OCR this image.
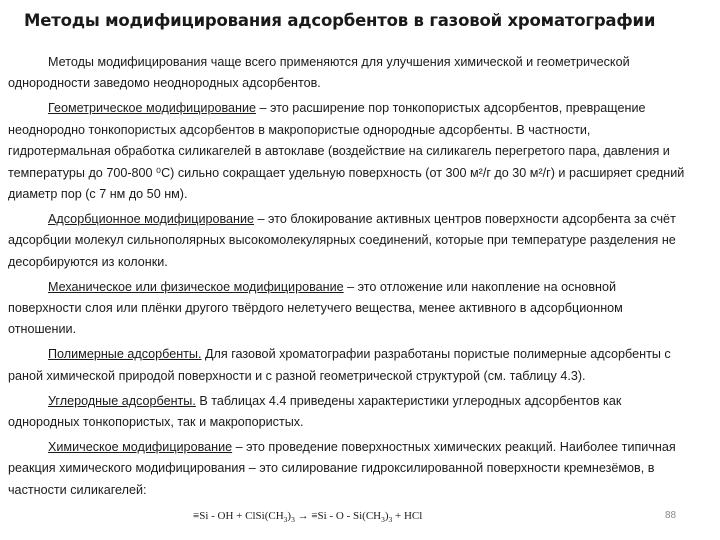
Методы модифицирования адсорбентов в газовой хроматографии

Методы модифицирования чаще всего применяются для улучшения химической и геометрической однородности заведомо неоднородных адсорбентов.

Геометрическое модифицирование – это расширение пор тонкопористых адсорбентов, превращение неоднородно тонкопористых адсорбентов в макропористые однородные адсорбенты. В частности, гидротермальная обработка силикагелей в автоклаве (воздействие на силикагель перегретого пара, давления и температуры до 700-800 ⁰С) сильно сокращает удельную поверхность (от 300 м²/г до 30 м²/г) и расширяет средний диаметр пор (с 7 нм до 50 нм).

Адсорбционное модифицирование – это блокирование активных центров поверхности адсорбента за счёт адсорбции молекул сильнополярных высокомолекулярных соединений, которые при температуре разделения не десорбируются из колонки.

Механическое или физическое модифицирование – это отложение или накопление на основной поверхности слоя или плёнки другого твёрдого нелетучего вещества, менее активного в адсорбционном отношении.

Полимерные адсорбенты. Для газовой хроматографии разработаны пористые полимерные адсорбенты с раной химической природой поверхности и с разной геометрической структурой (см. таблицу 4.3).

Углеродные адсорбенты. В таблицах 4.4 приведены характеристики углеродных адсорбентов как однородных тонкопористых, так и макропористых.

Химическое модифицирование – это проведение поверхностных химических реакций. Наиболее типичная реакция химического модифицирования – это силирование гидроксилированной поверхности кремнезёмов, в частности силикагелей:

≡Si - OH + $ClSi(CH_3)_3 \to \equiv Si - O - Si(CH_3)_3$ + HCl	88
